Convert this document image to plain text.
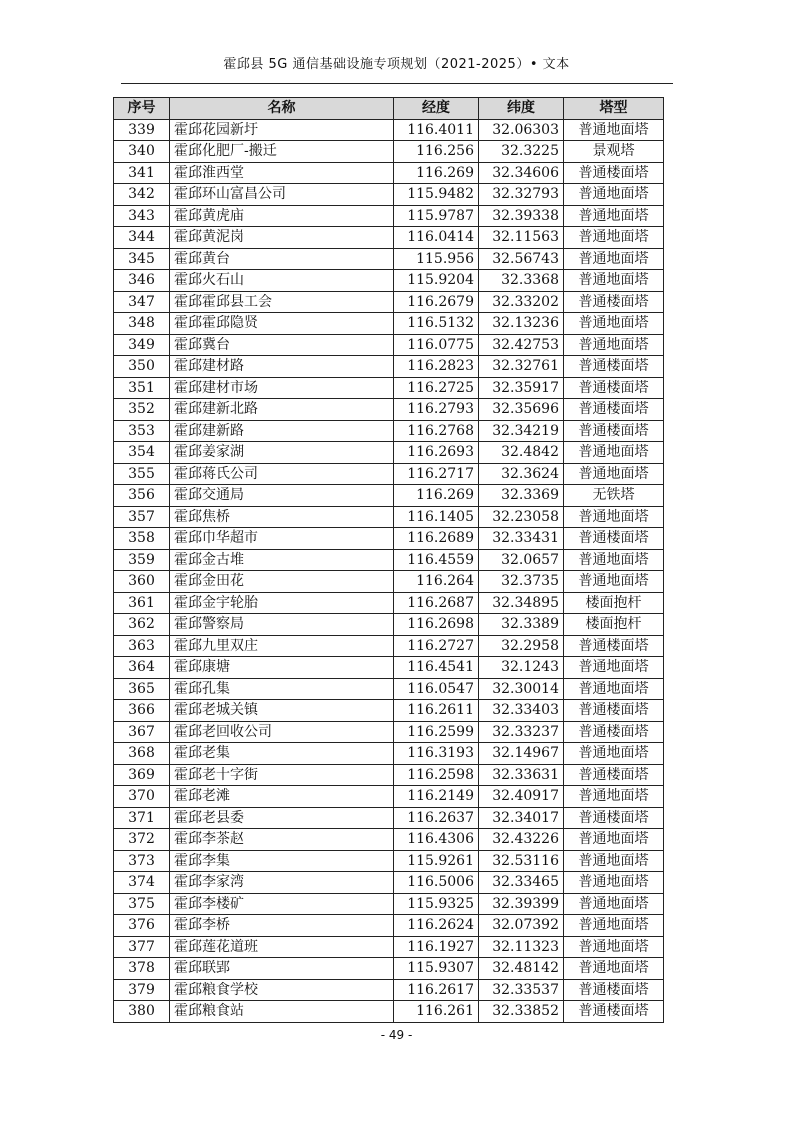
霍邱县 5G 通信基础设施专项规划（2021-2025）• 文本
序号	名称	经度	纬度	塔型
339	霍邱花园新圩	116.4011	32.06303	普通地面塔
340	霍邱化肥厂-搬迁	116.256	32.3225	景观塔
341	霍邱淮西堂	116.269	32.34606	普通楼面塔
342	霍邱环山富昌公司	115.9482	32.32793	普通地面塔
343	霍邱黄虎庙	115.9787	32.39338	普通地面塔
344	霍邱黄泥岗	116.0414	32.11563	普通地面塔
345	霍邱黄台	115.956	32.56743	普通地面塔
346	霍邱火石山	115.9204	32.3368	普通地面塔
347	霍邱霍邱县工会	116.2679	32.33202	普通楼面塔
348	霍邱霍邱隐贤	116.5132	32.13236	普通地面塔
349	霍邱冀台	116.0775	32.42753	普通地面塔
350	霍邱建材路	116.2823	32.32761	普通楼面塔
351	霍邱建材市场	116.2725	32.35917	普通楼面塔
352	霍邱建新北路	116.2793	32.35696	普通楼面塔
353	霍邱建新路	116.2768	32.34219	普通楼面塔
354	霍邱姜家湖	116.2693	32.4842	普通地面塔
355	霍邱蒋氏公司	116.2717	32.3624	普通地面塔
356	霍邱交通局	116.269	32.3369	无铁塔
357	霍邱焦桥	116.1405	32.23058	普通地面塔
358	霍邱巾华超市	116.2689	32.33431	普通楼面塔
359	霍邱金古堆	116.4559	32.0657	普通地面塔
360	霍邱金田花	116.264	32.3735	普通地面塔
361	霍邱金宇轮胎	116.2687	32.34895	楼面抱杆
362	霍邱警察局	116.2698	32.3389	楼面抱杆
363	霍邱九里双庄	116.2727	32.2958	普通楼面塔
364	霍邱康塘	116.4541	32.1243	普通地面塔
365	霍邱孔集	116.0547	32.30014	普通地面塔
366	霍邱老城关镇	116.2611	32.33403	普通楼面塔
367	霍邱老回收公司	116.2599	32.33237	普通楼面塔
368	霍邱老集	116.3193	32.14967	普通地面塔
369	霍邱老十字街	116.2598	32.33631	普通楼面塔
370	霍邱老滩	116.2149	32.40917	普通地面塔
371	霍邱老县委	116.2637	32.34017	普通楼面塔
372	霍邱李茶赵	116.4306	32.43226	普通地面塔
373	霍邱李集	115.9261	32.53116	普通地面塔
374	霍邱李家湾	116.5006	32.33465	普通地面塔
375	霍邱李楼矿	115.9325	32.39399	普通地面塔
376	霍邱李桥	116.2624	32.07392	普通地面塔
377	霍邱莲花道班	116.1927	32.11323	普通地面塔
378	霍邱联郢	115.9307	32.48142	普通地面塔
379	霍邱粮食学校	116.2617	32.33537	普通楼面塔
380	霍邱粮食站	116.261	32.33852	普通楼面塔
- 49 -
